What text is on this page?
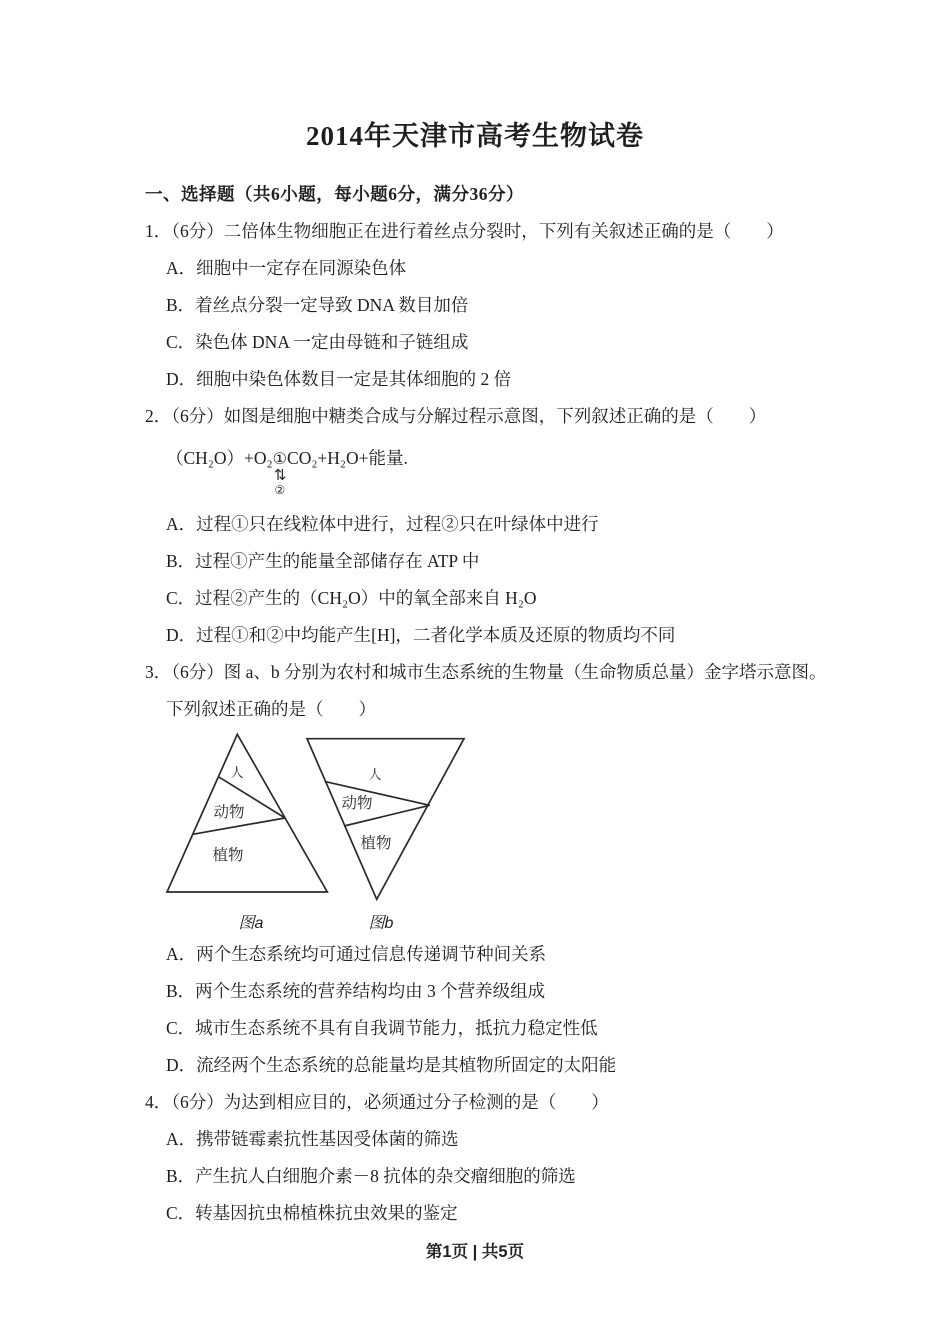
2014年天津市高考生物试卷

一、选择题（共6小题，每小题6分，满分36分）

1．（6分）二倍体生物细胞正在进行着丝点分裂时，下列有关叙述正确的是（　　）

A．细胞中一定存在同源染色体

B．着丝点分裂一定导致 DNA 数目加倍

C．染色体 DNA 一定由母链和子链组成

D．细胞中染色体数目一定是其体细胞的 2 倍

2．（6分）如图是细胞中糖类合成与分解过程示意图，下列叙述正确的是（　　）

（CH₂O）+O₂①
⇄
②
CO₂+H₂O+能量.

A．过程①只在线粒体中进行，过程②只在叶绿体中进行

B．过程①产生的能量全部储存在 ATP 中

C．过程②产生的（CH₂O）中的氧全部来自 H₂O

D．过程①和②中均能产生[H]，二者化学本质及还原的物质均不同

3．（6分）图 a、b 分别为农村和城市生态系统的生物量（生命物质总量）金字塔示意图。

下列叙述正确的是（　　）

人
动物
植物
图a
人
动物
植物
图b

A．两个生态系统均可通过信息传递调节种间关系

B．两个生态系统的营养结构均由 3 个营养级组成

C．城市生态系统不具有自我调节能力，抵抗力稳定性低

D．流经两个生态系统的总能量均是其植物所固定的太阳能

4．（6分）为达到相应目的，必须通过分子检测的是（　　）

A．携带链霉素抗性基因受体菌的筛选

B．产生抗人白细胞介素－8 抗体的杂交瘤细胞的筛选

C．转基因抗虫棉植株抗虫效果的鉴定

第1页 | 共5页
